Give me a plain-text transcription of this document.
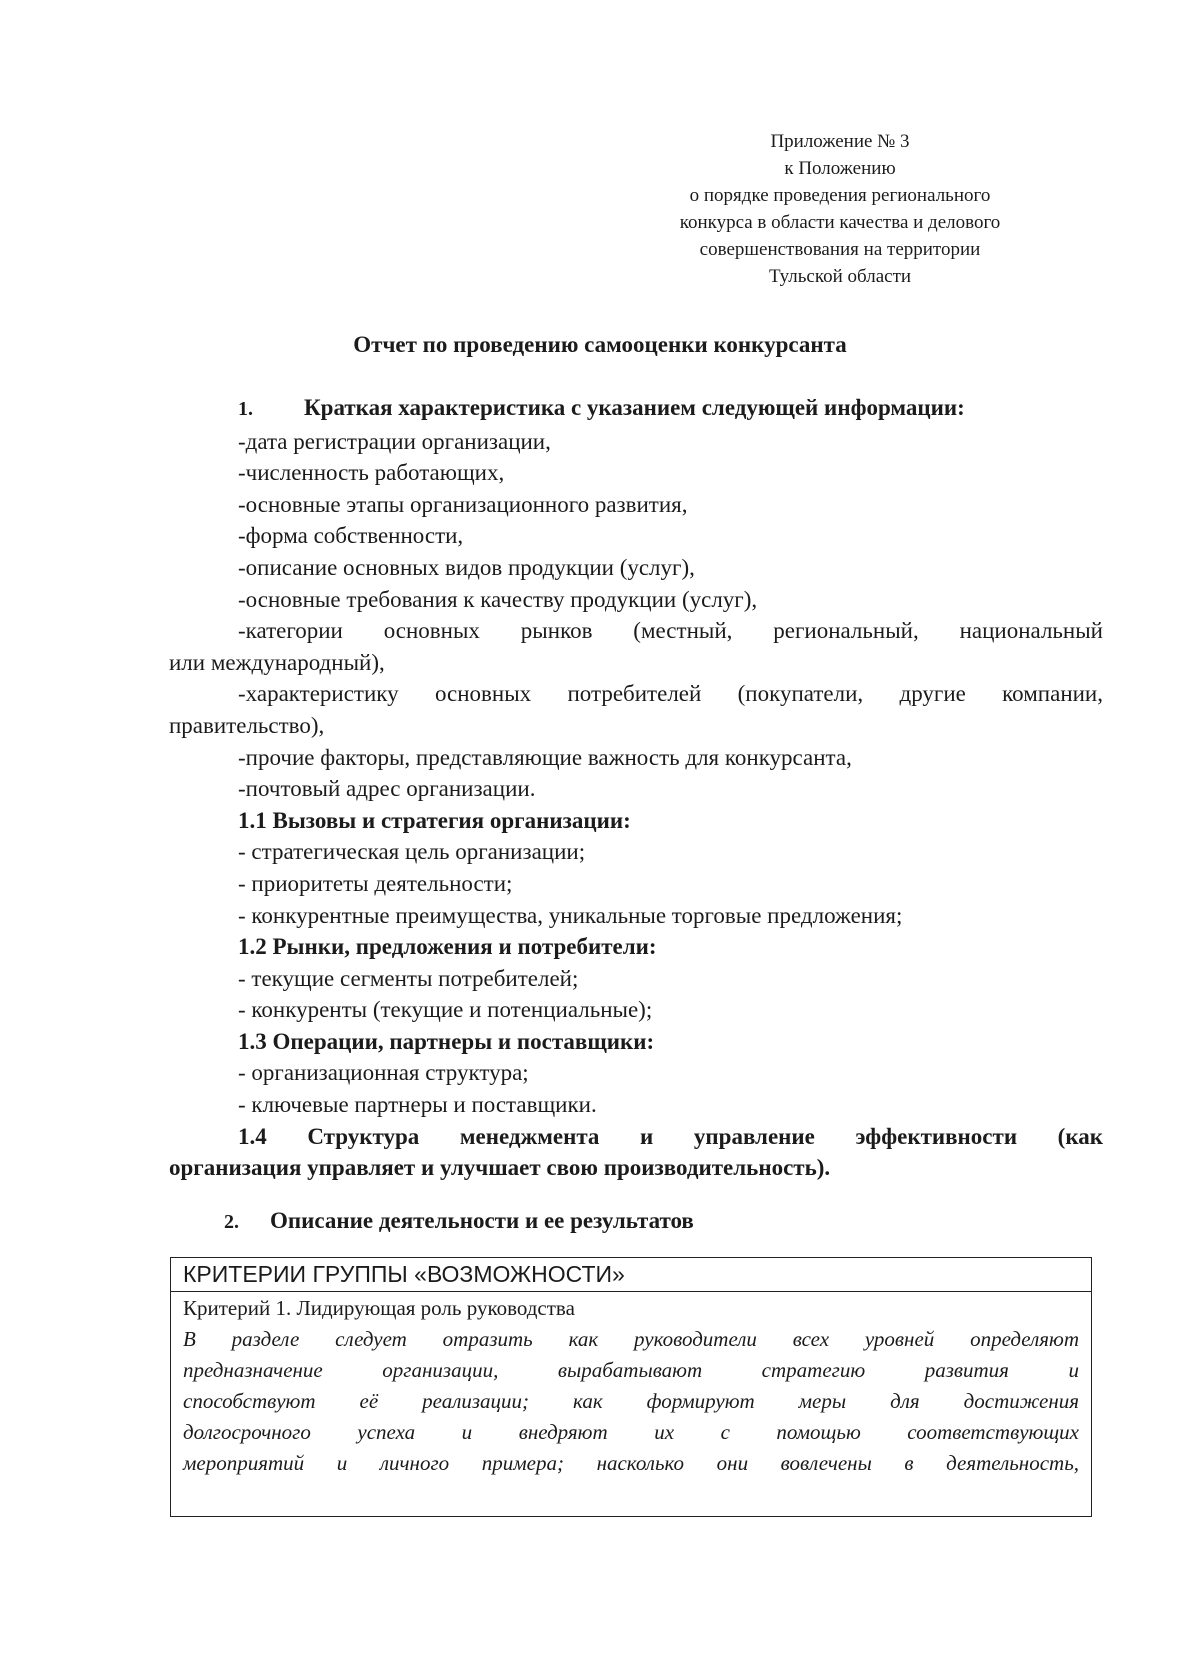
Приложение № 3
к Положению
о порядке проведения регионального
конкурса в области качества и делового
совершенствования на территории
Тульской области
Отчет по проведению самооценки конкурсанта
1. Краткая характеристика с указанием следующей информации:
-дата регистрации организации,
-численность работающих,
-основные этапы организационного развития,
-форма собственности,
-описание основных видов продукции (услуг),
-основные требования к качеству продукции (услуг),
-категории основных рынков (местный, региональный, национальный
или международный),
-характеристику основных потребителей (покупатели, другие компании,
правительство),
-прочие факторы, представляющие важность для конкурсанта,
-почтовый адрес организации.
1.1 Вызовы и стратегия организации:
- стратегическая цель организации;
- приоритеты деятельности;
- конкурентные преимущества, уникальные торговые предложения;
1.2 Рынки, предложения и потребители:
- текущие сегменты потребителей;
- конкуренты (текущие и потенциальные);
1.3 Операции, партнеры и поставщики:
- организационная структура;
- ключевые партнеры и поставщики.
1.4 Структура менеджмента и управление эффективности (как
организация управляет и улучшает свою производительность).
2. Описание деятельности и ее результатов
КРИТЕРИИ ГРУППЫ «ВОЗМОЖНОСТИ»
Критерий 1. Лидирующая роль руководства
В разделе следует отразить как руководители всех уровней определяют
предназначение организации, вырабатывают стратегию развития и
способствуют её реализации; как формируют меры для достижения
долгосрочного успеха и внедряют их с помощью соответствующих
мероприятий и личного примера; насколько они вовлечены в деятельность,
